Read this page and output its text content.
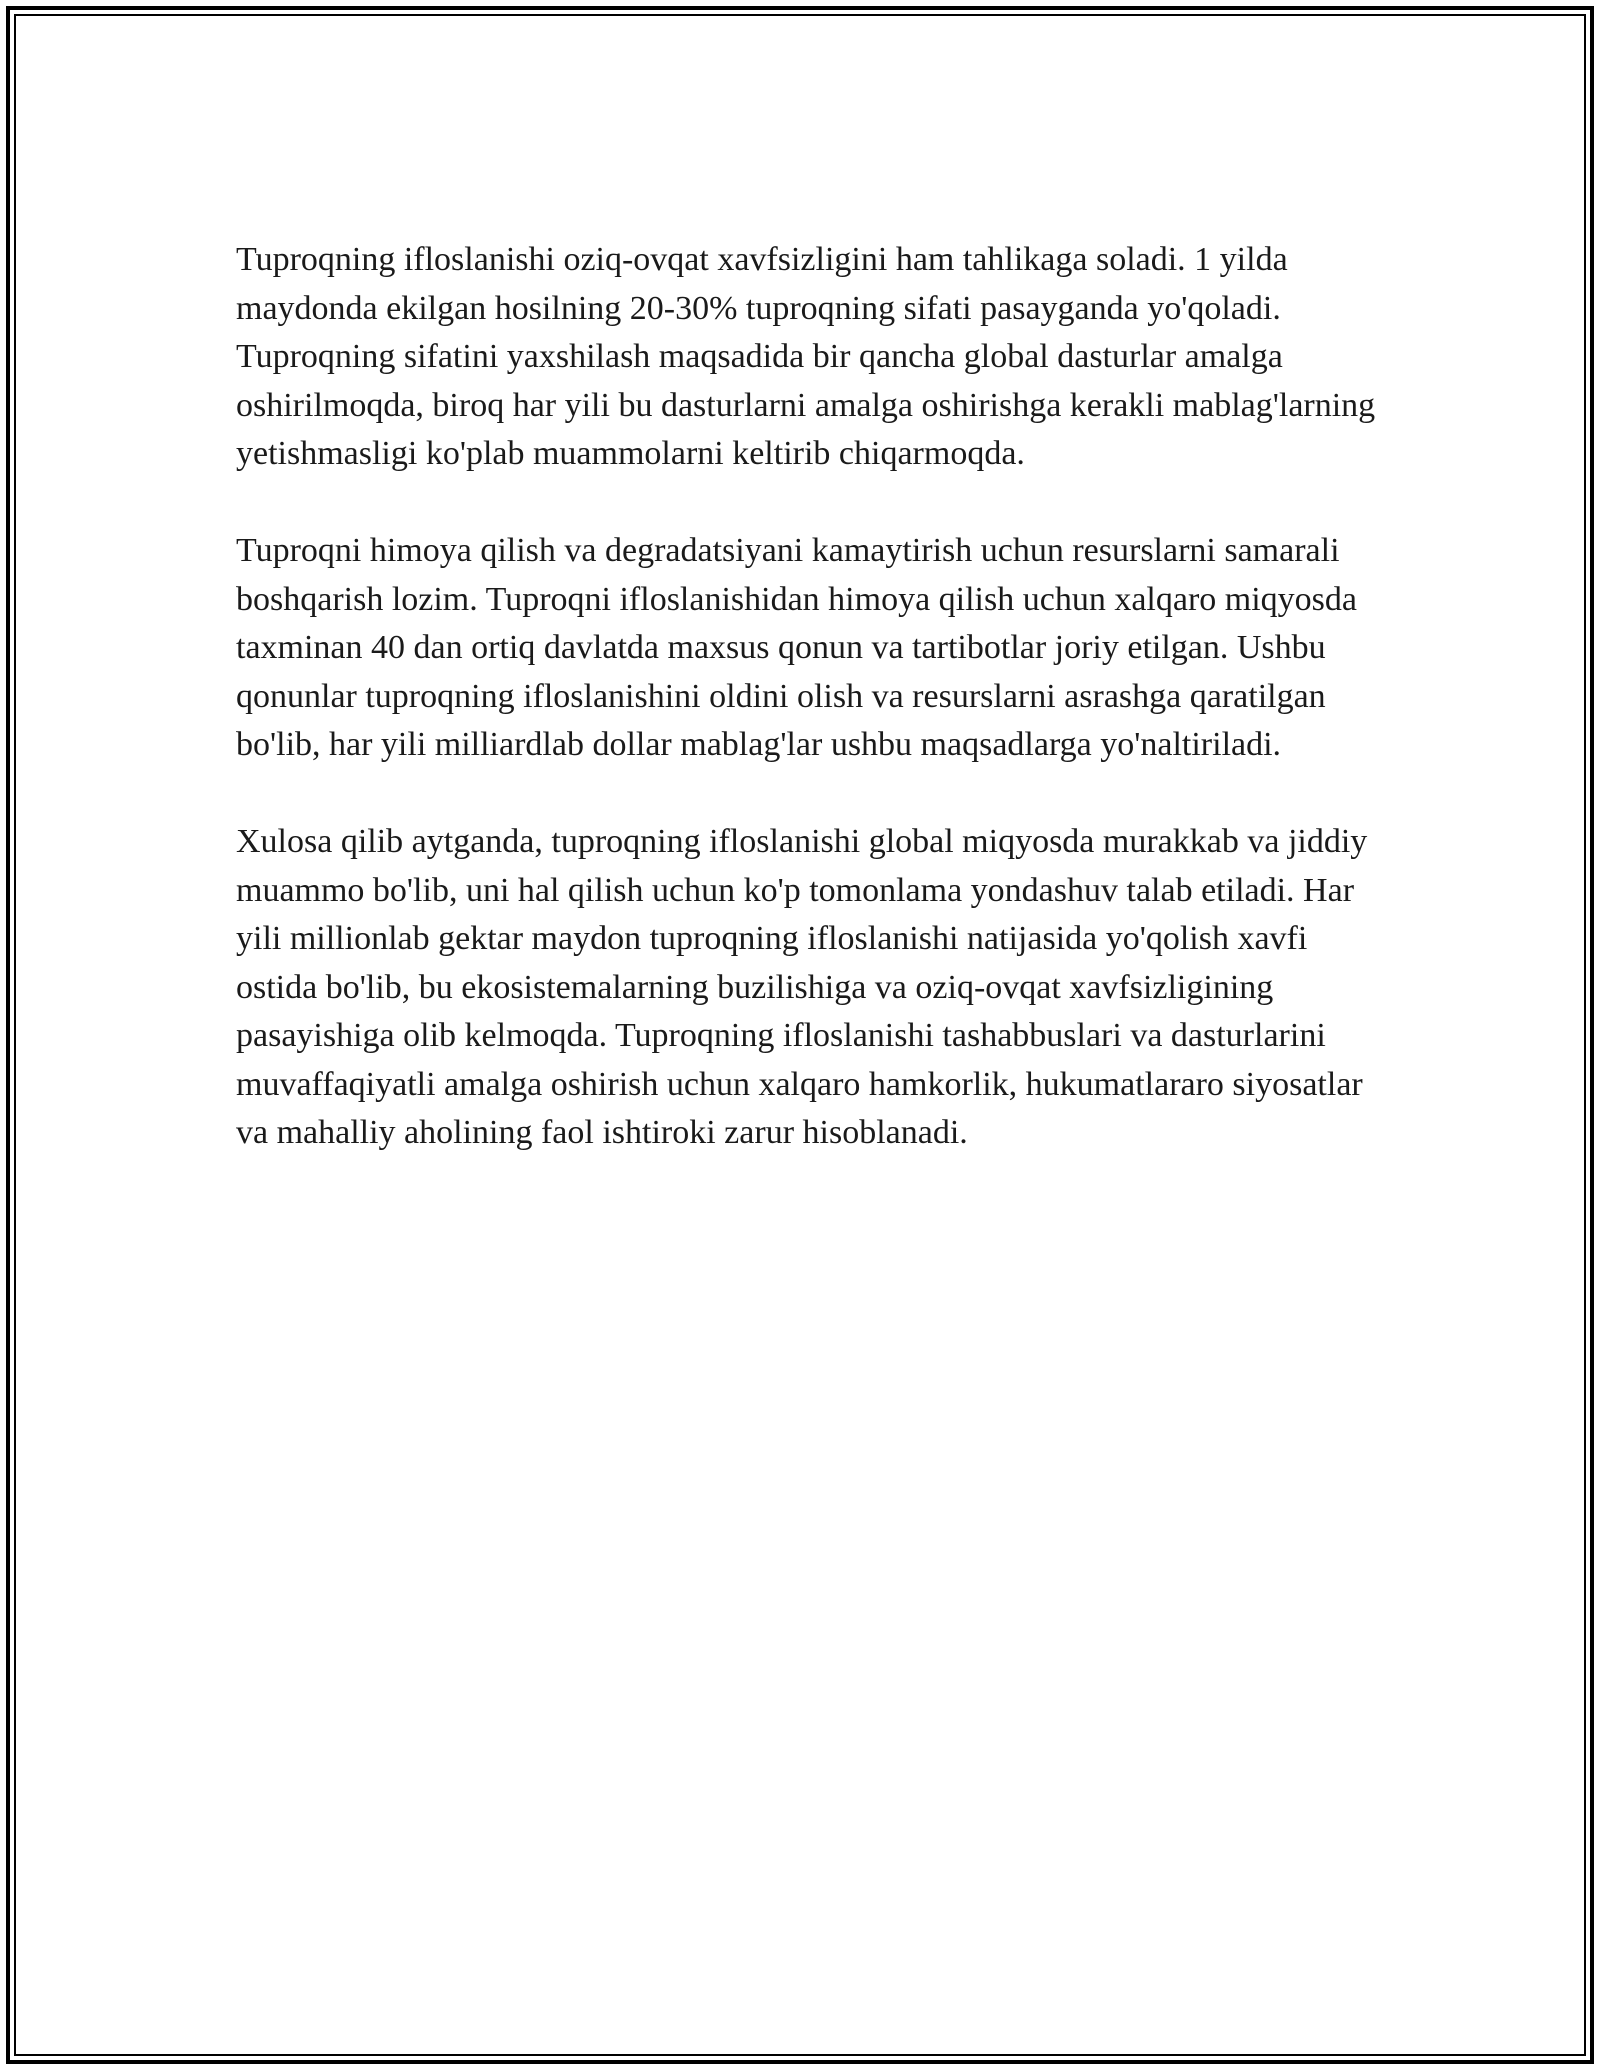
Tuproqning ifloslanishi oziq-ovqat xavfsizligini ham tahlikaga soladi. 1 yilda maydonda ekilgan hosilning 20-30% tuproqning sifati pasayganda yo'qoladi. Tuproqning sifatini yaxshilash maqsadida bir qancha global dasturlar amalga oshirilmoqda, biroq har yili bu dasturlarni amalga oshirishga kerakli mablag'larning yetishmasligi ko'plab muammolarni keltirib chiqarmoqda.

Tuproqni himoya qilish va degradatsiyani kamaytirish uchun resurslarni samarali boshqarish lozim. Tuproqni ifloslanishidan himoya qilish uchun xalqaro miqyosda taxminan 40 dan ortiq davlatda maxsus qonun va tartibotlar joriy etilgan. Ushbu qonunlar tuproqning ifloslanishini oldini olish va resurslarni asrashga qaratilgan bo'lib, har yili milliardlab dollar mablag'lar ushbu maqsadlarga yo'naltiriladi.

Xulosa qilib aytganda, tuproqning ifloslanishi global miqyosda murakkab va jiddiy muammo bo'lib, uni hal qilish uchun ko'p tomonlama yondashuv talab etiladi. Har yili millionlab gektar maydon tuproqning ifloslanishi natijasida yo'qolish xavfi ostida bo'lib, bu ekosistemalarning buzilishiga va oziq-ovqat xavfsizligining pasayishiga olib kelmoqda. Tuproqning ifloslanishi tashabbuslari va dasturlarini muvaffaqiyatli amalga oshirish uchun xalqaro hamkorlik, hukumatlararo siyosatlar va mahalliy aholining faol ishtiroki zarur hisoblanadi.
